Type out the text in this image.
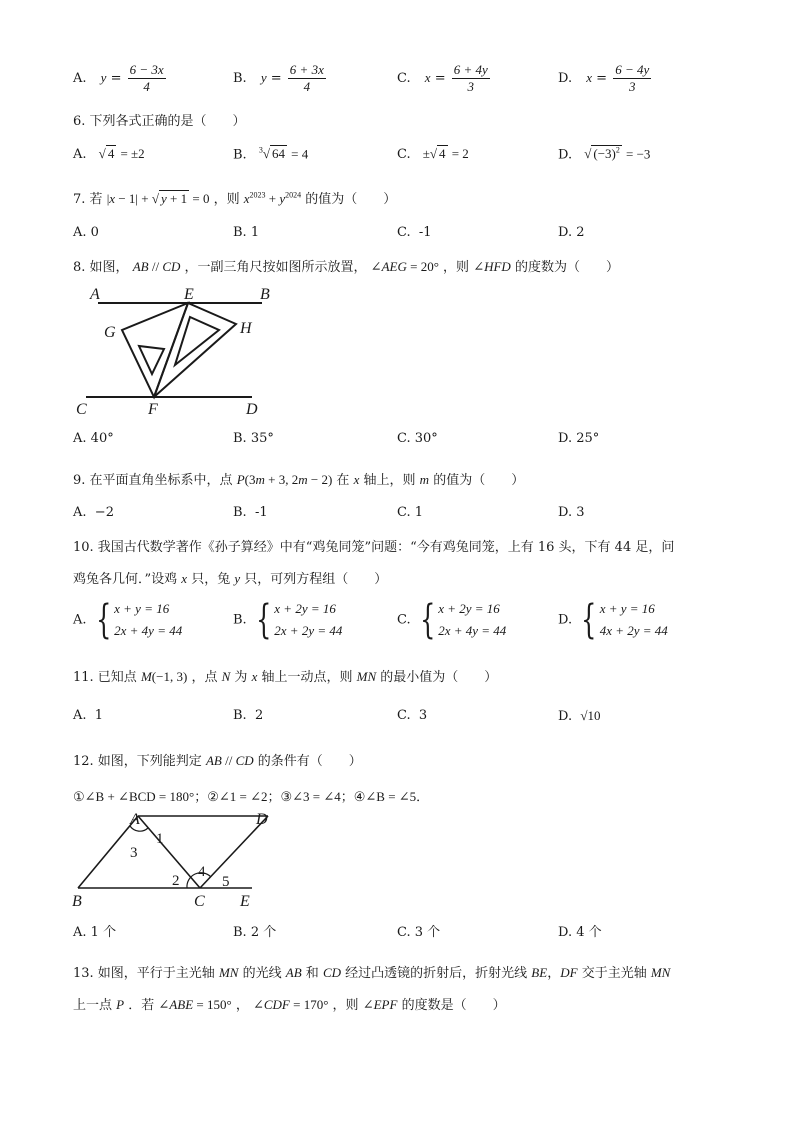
A. $y = \frac{6 - 3x}{4}$	B. $y = \frac{6 + 3x}{4}$	C. $x = \frac{6 + 4y}{3}$	D. $x = \frac{6 - 4y}{3}$
6. 下列各式正确的是（　　）
A. √ 4 = ±2	B. $^3$√ 64 = 4	C. ±√ 4 = 2	D. √ $(-3)^2 = -3$
7. 若 |x − 1| + √ y + 1 = 0 ，则 $x^{2023} + y^{2024}$ 的值为（　　）
A. 0	B. 1	C. -1	D. 2
8. 如图， AB // CD ，一副三角尺按如图所示放置， ∠AEG = 20° ，则 ∠HFD 的度数为（　　）
A	E	B
G	H
C	F	D
A. 40°	B. 35°	C. 30°	D. 25°
9. 在平面直角坐标系中，点 P(3m + 3, 2m − 2) 在 x 轴上，则 m 的值为（　　）
A. −2	B. -1	C. 1	D. 3
10. 我国古代数学著作《孙子算经》中有“鸡兔同笼”问题：“今有鸡兔同笼，上有 16 头，下有 44 足，问
鸡兔各几何．”设鸡 x 只，兔 y 只，可列方程组（　　）
A. { x + y = 16
2x + 4y = 44
B. { x + 2y = 16
2x + 2y = 44
C. { x + 2y = 16
2x + 4y = 44
D. { x + y = 16
4x + 2y = 44
11. 已知点 M(−1, 3) ，点 N 为 x 轴上一动点，则 MN 的最小值为（　　）
A. 1	B. 2	C. 3	D. √10
12. 如图，下列能判定 AB // CD 的条件有（　　）
①∠B + ∠BCD = 180°；②∠1 = ∠2；③∠3 = ∠4；④∠B = ∠5．
A	D
1
3
2
4
5
B	C E
A. 1 个	B. 2 个	C. 3 个	D. 4 个
13. 如图，平行于主光轴 MN 的光线 AB 和 CD 经过凸透镜的折射后，折射光线 BE，DF 交于主光轴 MN
上一点 P ．若 ∠ABE = 150° ， ∠CDF = 170° ，则 ∠EPF 的度数是（　　）
